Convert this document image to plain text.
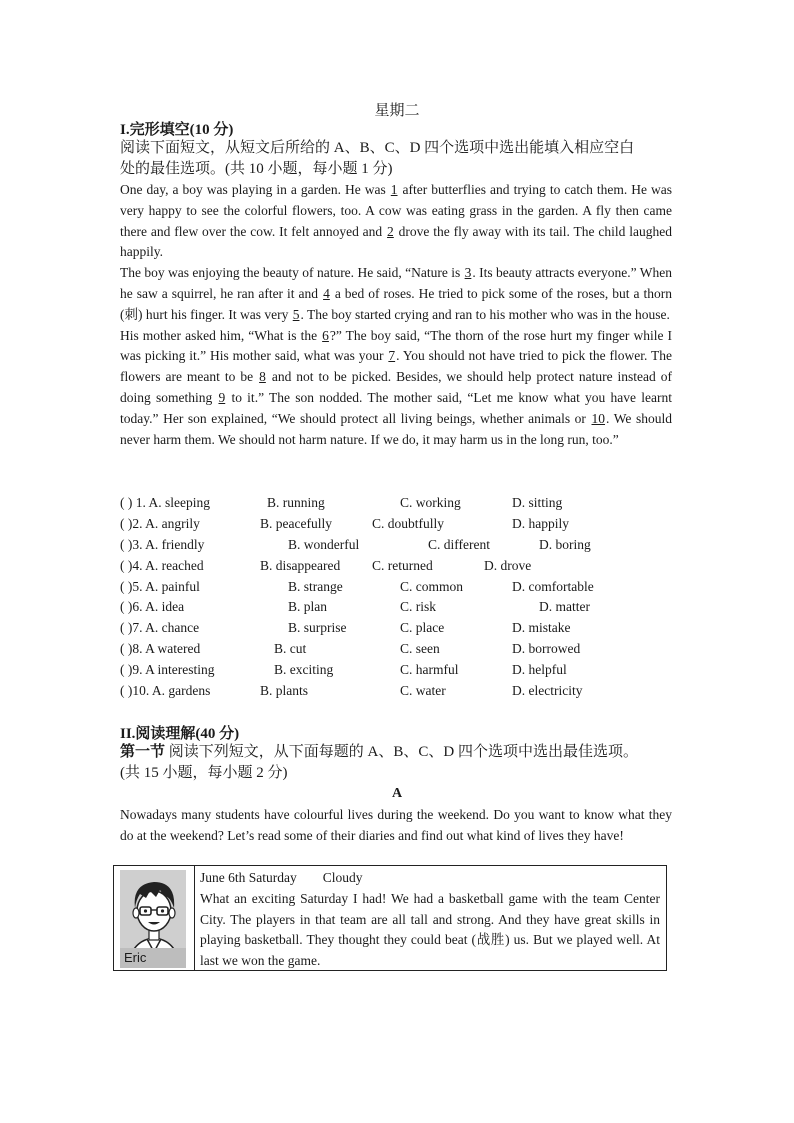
星期二
I.完形填空(10 分)
阅读下面短文，从短文后所给的 A、B、C、D 四个选项中选出能填入相应空白
处的最佳选项。(共 10 小题，每小题 1 分)

One day, a boy was playing in a garden. He was 1 after butterflies and trying to catch them. He was very happy to see the colorful flowers, too. A cow was eating grass in the garden. A fly then came there and flew over the cow. It felt annoyed and 2 drove the fly away with its tail. The child laughed happily.

The boy was enjoying the beauty of nature. He said, “Nature is 3. Its beauty attracts everyone.” When he saw a squirrel, he ran after it and 4 a bed of roses. He tried to pick some of the roses, but a thorn (刺) hurt his finger. It was very 5. The boy started crying and ran to his mother who was in the house.

His mother asked him, “What is the 6?” The boy said, “The thorn of the rose hurt my finger while I was picking it.” His mother said, what was your 7. You should not have tried to pick the flower. The flowers are meant to be 8 and not to be picked. Besides, we should help protect nature instead of doing something 9 to it.” The son nodded. The mother said, “Let me know what you have learnt today.” Her son explained, “We should protect all living beings, whether animals or 10. We should never harm them. We should not harm nature. If we do, it may harm us in the long run, too.”

( ) 1. A. sleeping	B. running	C. working	D. sitting
( )2. A. angrily	B. peacefully	C. doubtfully	D. happily
( )3. A. friendly	B. wonderful	C. different	D. boring
( )4. A. reached	B. disappeared C. returned	D. drove
( )5. A. painful	B. strange	C. common	D. comfortable
( )6. A. idea	B. plan	C. risk	D. matter
( )7. A. chance	B. surprise	C. place	D. mistake
( )8. A watered	B. cut	C. seen	D. borrowed
( )9. A interesting	B. exciting	C. harmful	D. helpful
( )10. A. gardens	B. plants	C. water	D. electricity
II.阅读理解(40 分)
第一节 阅读下列短文，从下面每题的 A、B、C、D 四个选项中选出最佳选项。
(共 15 小题，每小题 2 分)
A

Nowadays many students have colourful lives during the weekend. Do you want to know what they do at the weekend? Let’s read some of their diaries and find out what kind of lives they have!

Eric

June 6th Saturday Cloudy

What an exciting Saturday I had! We had a basketball game with the team Center City. The players in that team are all tall and strong. And they have great skills in playing basketball. They thought they could beat (战胜) us. But we played well. At last we won the game.
